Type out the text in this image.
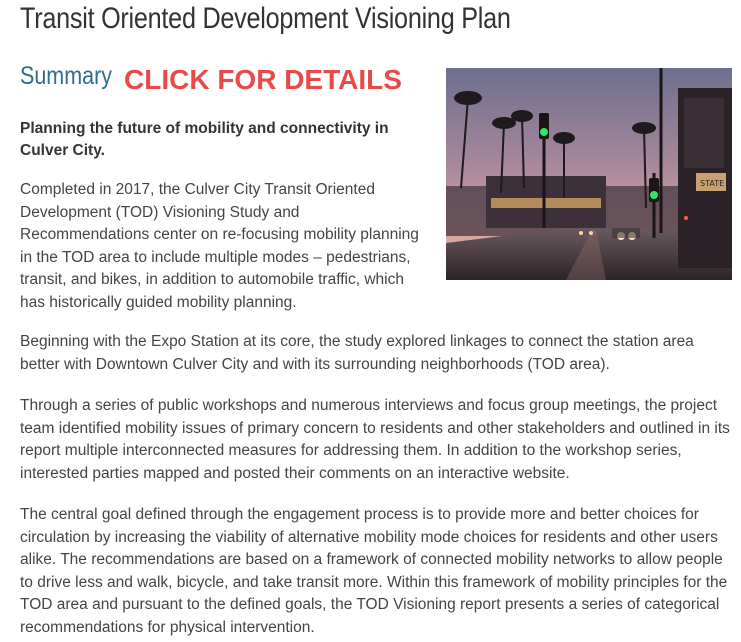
Transit Oriented Development Visioning Plan
Summary CLICK FOR DETAILS

Planning the future of mobility and connectivity in Culver City.

Completed in 2017, the Culver City Transit Oriented Development (TOD) Visioning Study and Recommendations center on re-focusing mobility planning in the TOD area to include multiple modes – pedestrians, transit, and bikes, in addition to automobile traffic, which has historically guided mobility planning.

Beginning with the Expo Station at its core, the study explored linkages to connect the station area better with Downtown Culver City and with its surrounding neighborhoods (TOD area).

Through a series of public workshops and numerous interviews and focus group meetings, the project team identified mobility issues of primary concern to residents and other stakeholders and outlined in its report multiple interconnected measures for addressing them. In addition to the workshop series, interested parties mapped and posted their comments on an interactive website.

The central goal defined through the engagement process is to provide more and better choices for circulation by increasing the viability of alternative mobility mode choices for residents and other users alike. The recommendations are based on a framework of connected mobility networks to allow people to drive less and walk, bicycle, and take transit more. Within this framework of mobility principles for the TOD area and pursuant to the defined goals, the TOD Visioning report presents a series of categorical recommendations for physical intervention.

STATE
